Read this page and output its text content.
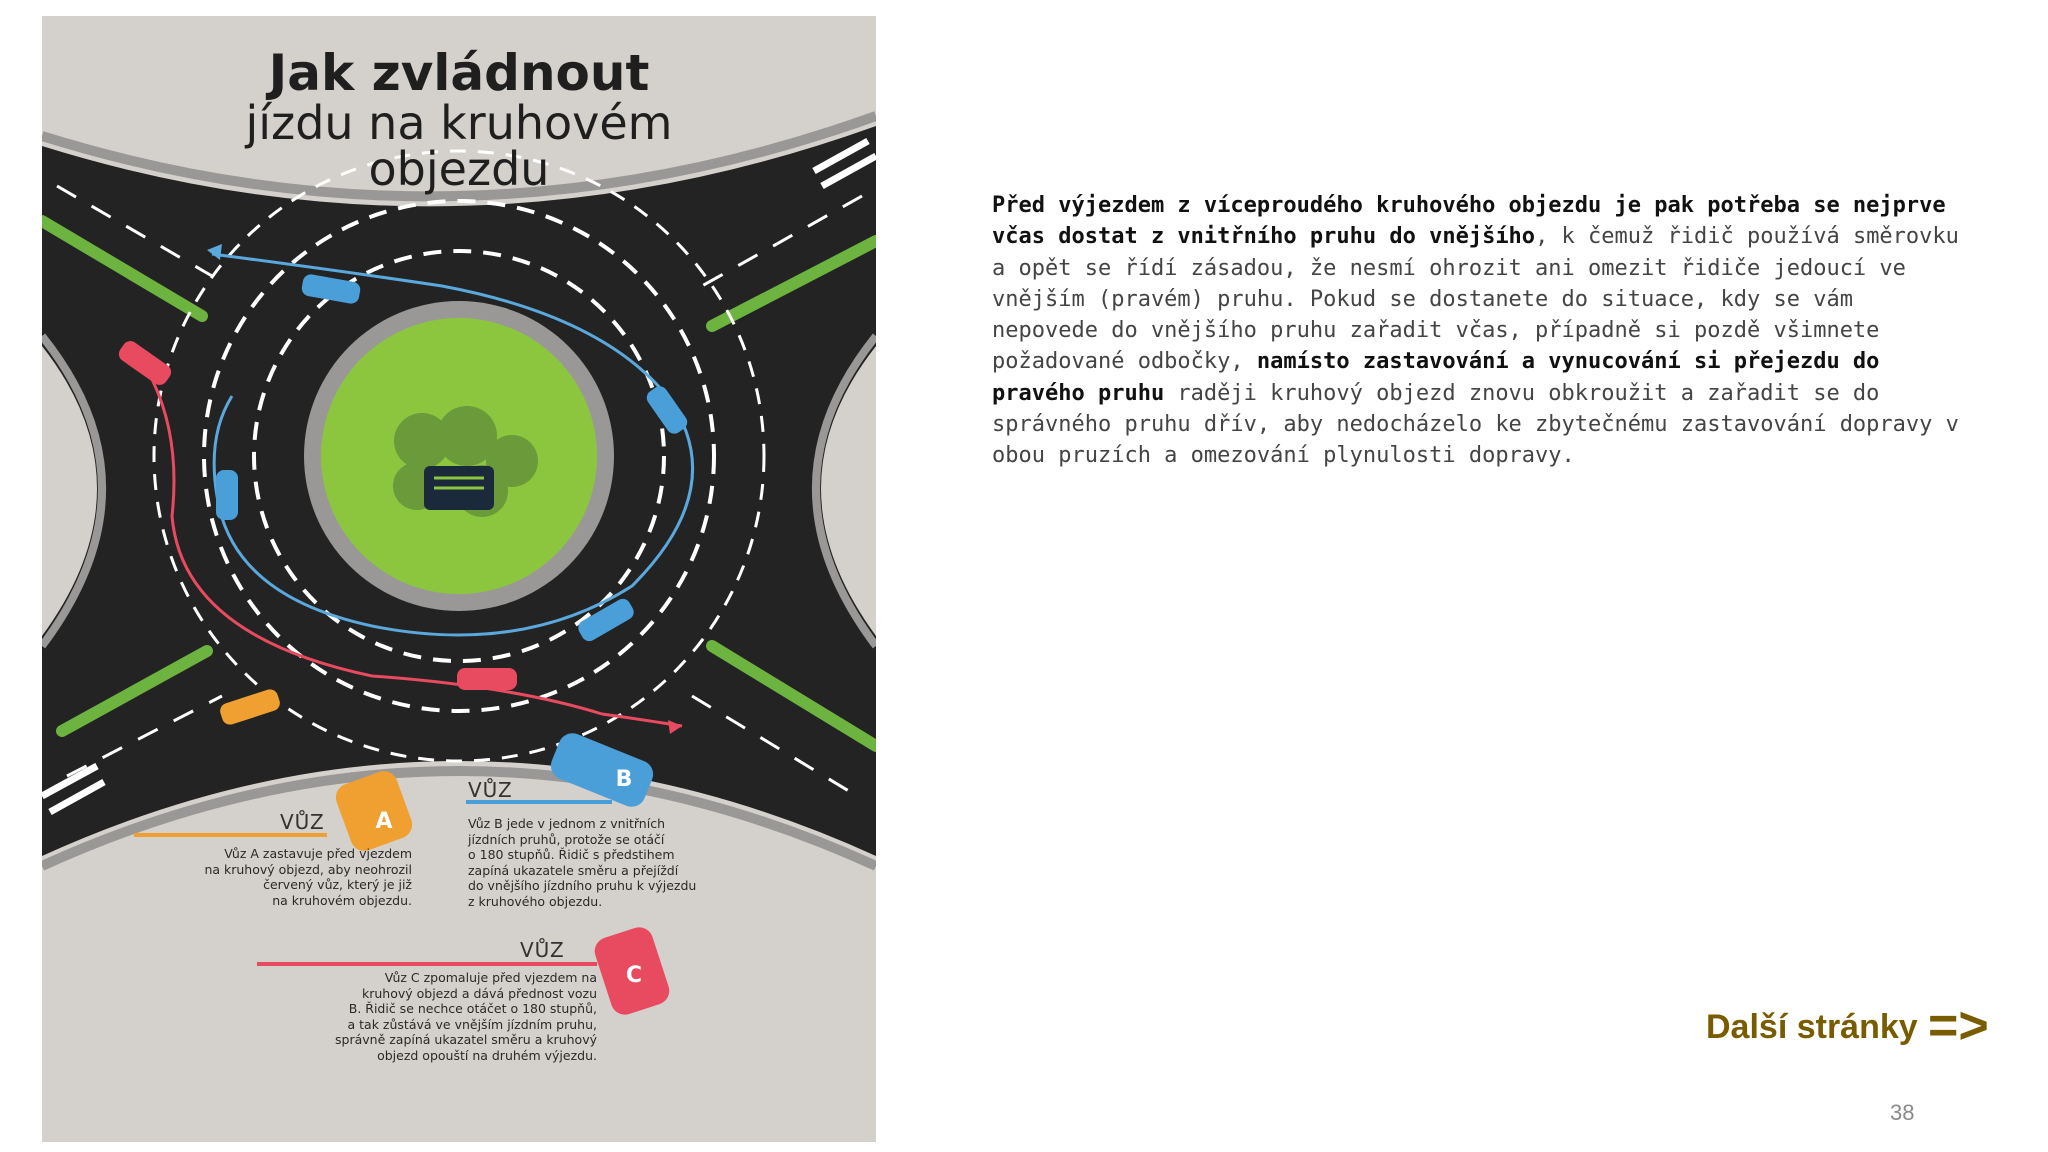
A
B
C
Jak zvládnout
jízdu na kruhovém
objezdu
VŮZ
Vůz A zastavuje před vjezdem
na kruhový objezd, aby neohrozil
červený vůz, který je již
na kruhovém objezdu.
VŮZ
Vůz B jede v jednom z vnitřních
jízdních pruhů, protože se otáčí
o 180 stupňů. Řidič s předstihem
zapíná ukazatele směru a přejíždí
do vnějšího jízdního pruhu k výjezdu
z kruhového objezdu.
VŮZ
Vůz C zpomaluje před vjezdem na
kruhový objezd a dává přednost vozu
B. Řidič se nechce otáčet o 180 stupňů,
a tak zůstává ve vnějším jízdním pruhu,
správně zapíná ukazatel směru a kruhový
objezd opouští na druhém výjezdu.
Před výjezdem z víceproudého kruhového objezdu je pak potřeba se nejprve včas dostat z vnitřního pruhu do vnějšího, k čemuž řidič používá směrovku a opět se řídí zásadou, že nesmí ohrozit ani omezit řidiče jedoucí ve vnějším (pravém) pruhu. Pokud se dostanete do situace, kdy se vám nepovede do vnějšího pruhu zařadit včas, případně si pozdě všimnete požadované odbočky, namísto zastavování a vynucování si přejezdu do pravého pruhu raději kruhový objezd znovu obkroužit a zařadit se do správného pruhu dřív, aby nedocházelo ke zbytečnému zastavování dopravy v obou pruzích a omezování plynulosti dopravy.
Další stránky =>
38
